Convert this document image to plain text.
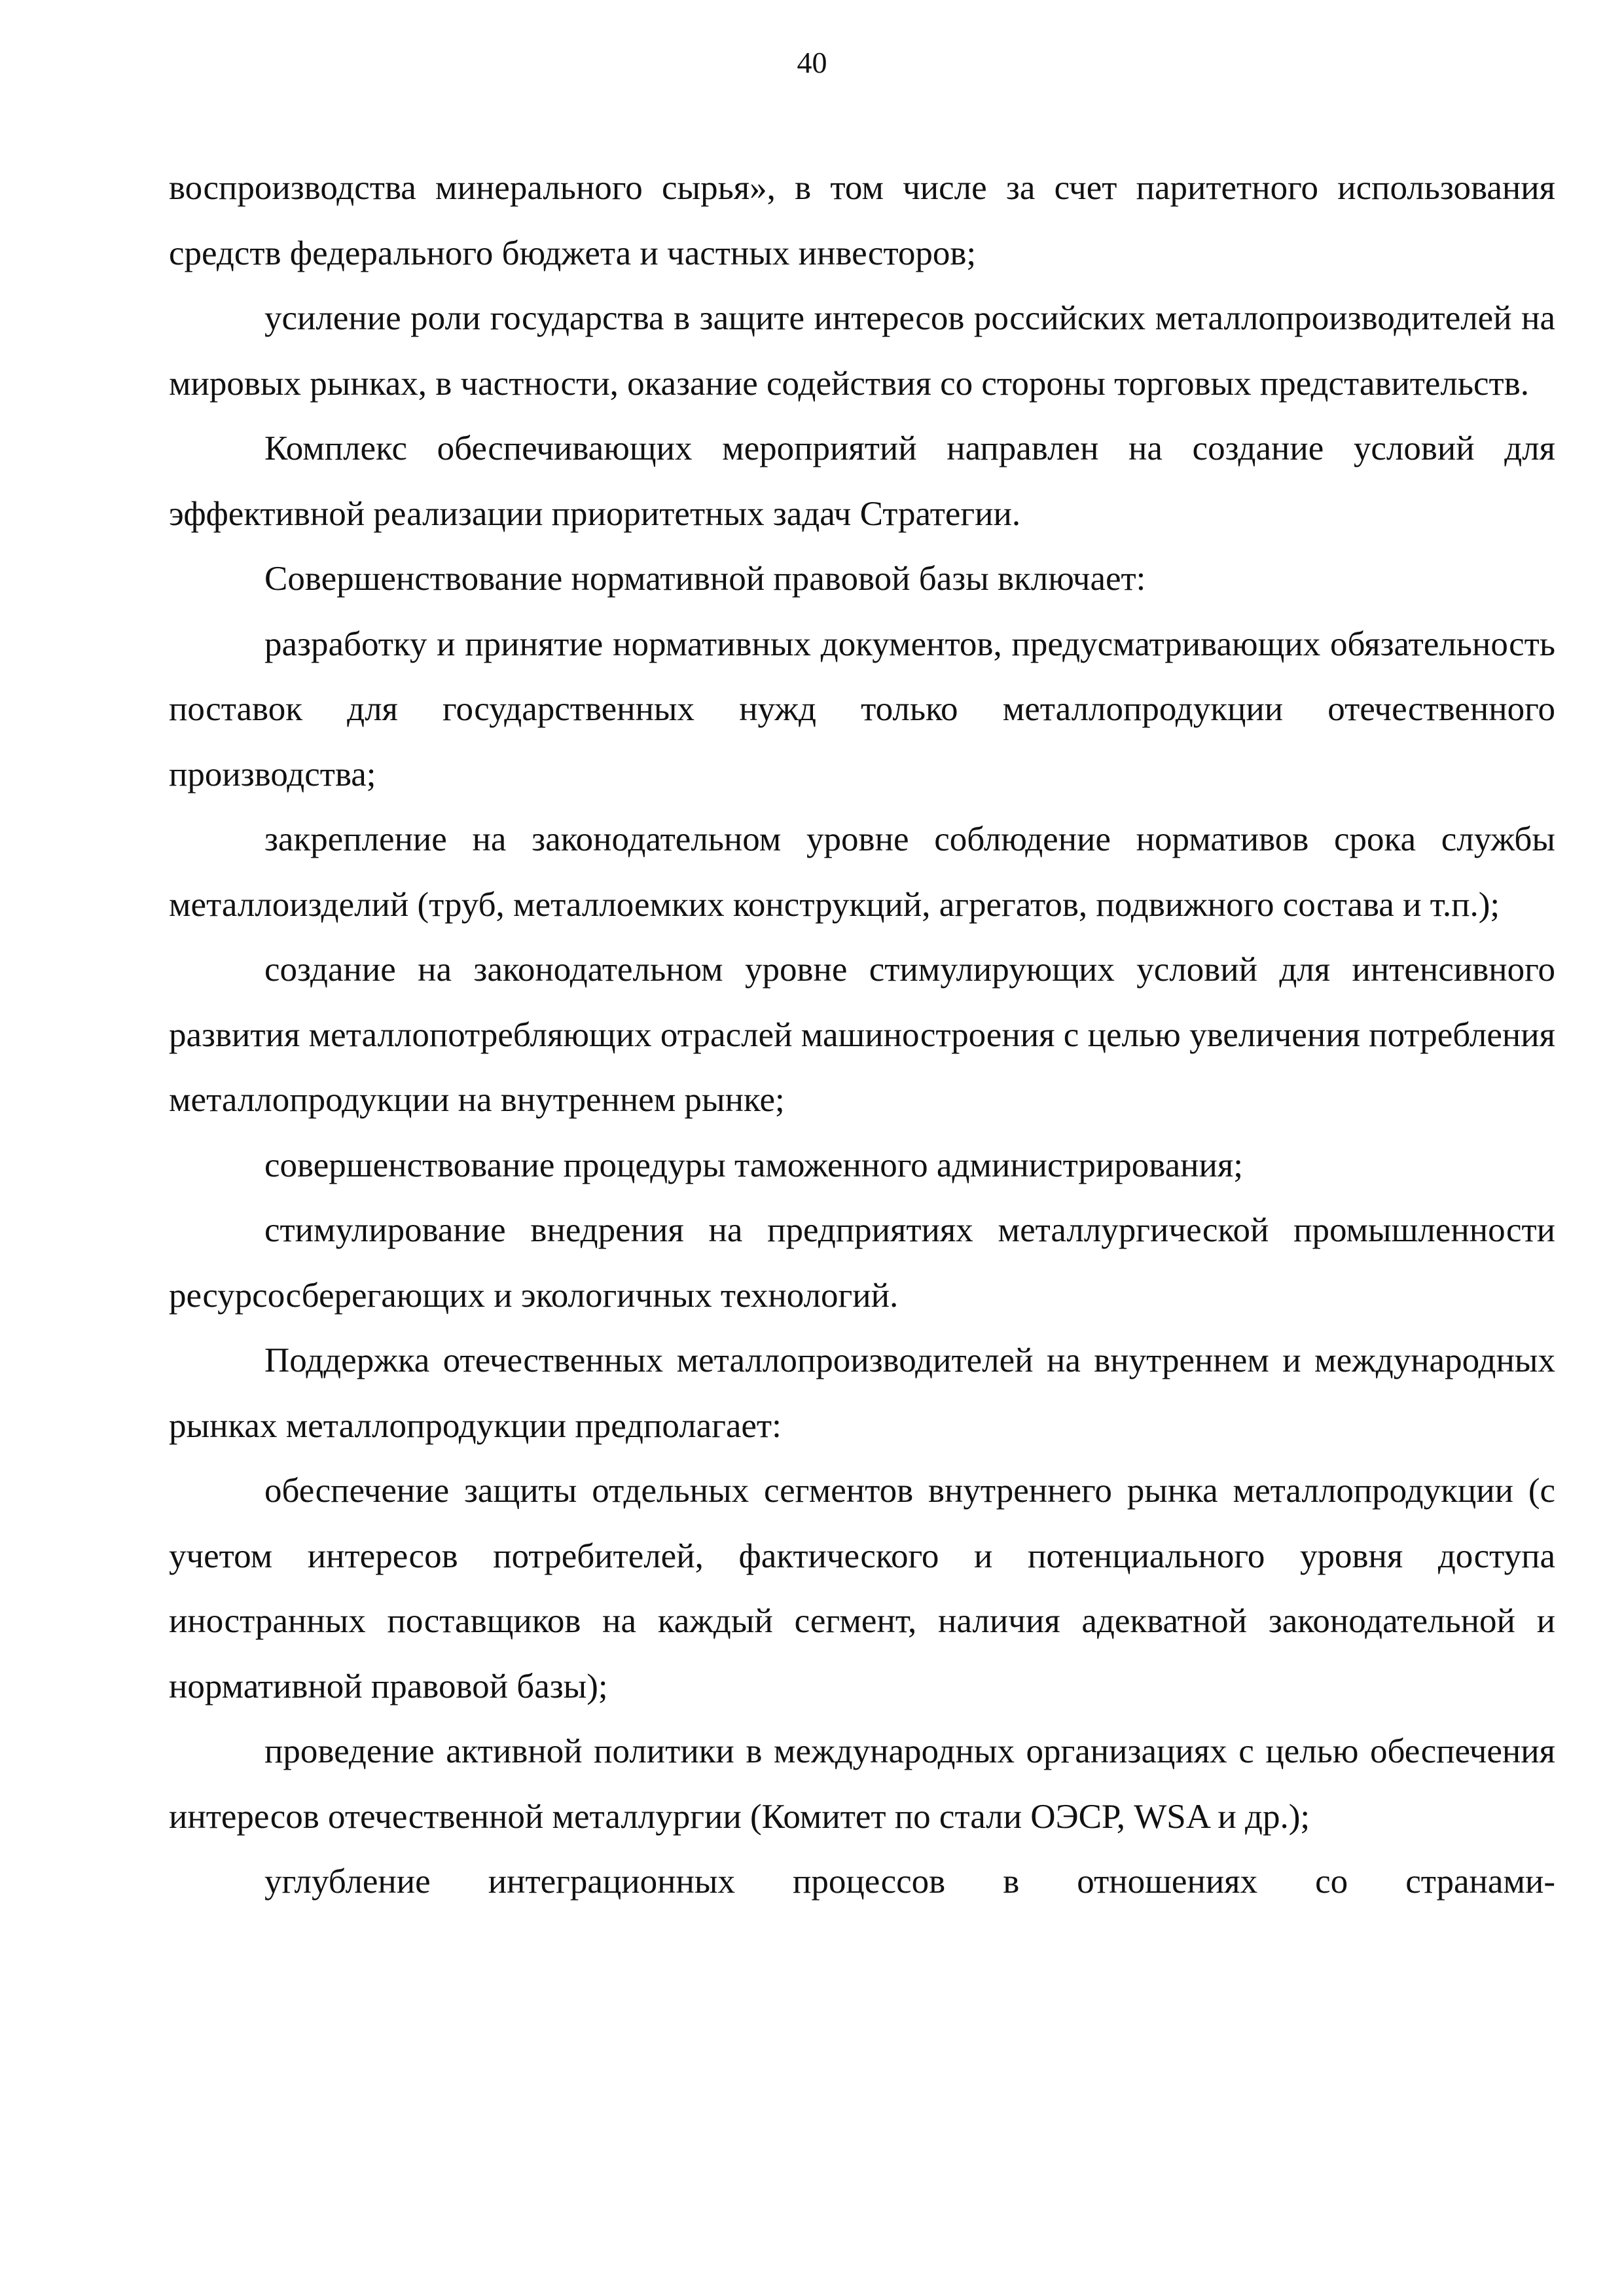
40

воспроизводства минерального сырья», в том числе за счет паритетного использования средств федерального бюджета и частных инвесторов;

усиление роли государства в защите интересов российских металлопроизводителей на мировых рынках, в частности, оказание содействия со стороны торговых представительств.

Комплекс обеспечивающих мероприятий направлен на создание условий для эффективной реализации приоритетных задач Стратегии.

Совершенствование нормативной правовой базы включает:

разработку и принятие нормативных документов, предусматривающих обязательность поставок для государственных нужд только металлопродукции отечественного производства;

закрепление на законодательном уровне соблюдение нормативов срока службы металлоизделий (труб, металлоемких конструкций, агрегатов, подвижного состава и т.п.);

создание на законодательном уровне стимулирующих условий для интенсивного развития металлопотребляющих отраслей машиностроения с целью увеличения потребления металлопродукции на внутреннем рынке;

совершенствование процедуры таможенного администрирования;

стимулирование внедрения на предприятиях металлургической промышленности ресурсосберегающих и экологичных технологий.

Поддержка отечественных металлопроизводителей на внутреннем и международных рынках металлопродукции предполагает:

обеспечение защиты отдельных сегментов внутреннего рынка металлопродукции (с учетом интересов потребителей, фактического и потенциального уровня доступа иностранных поставщиков на каждый сегмент, наличия адекватной законодательной и нормативной правовой базы);

проведение активной политики в международных организациях с целью обеспечения интересов отечественной металлургии (Комитет по стали ОЭСР, WSA и др.);

углубление интеграционных процессов в отношениях со странами-
